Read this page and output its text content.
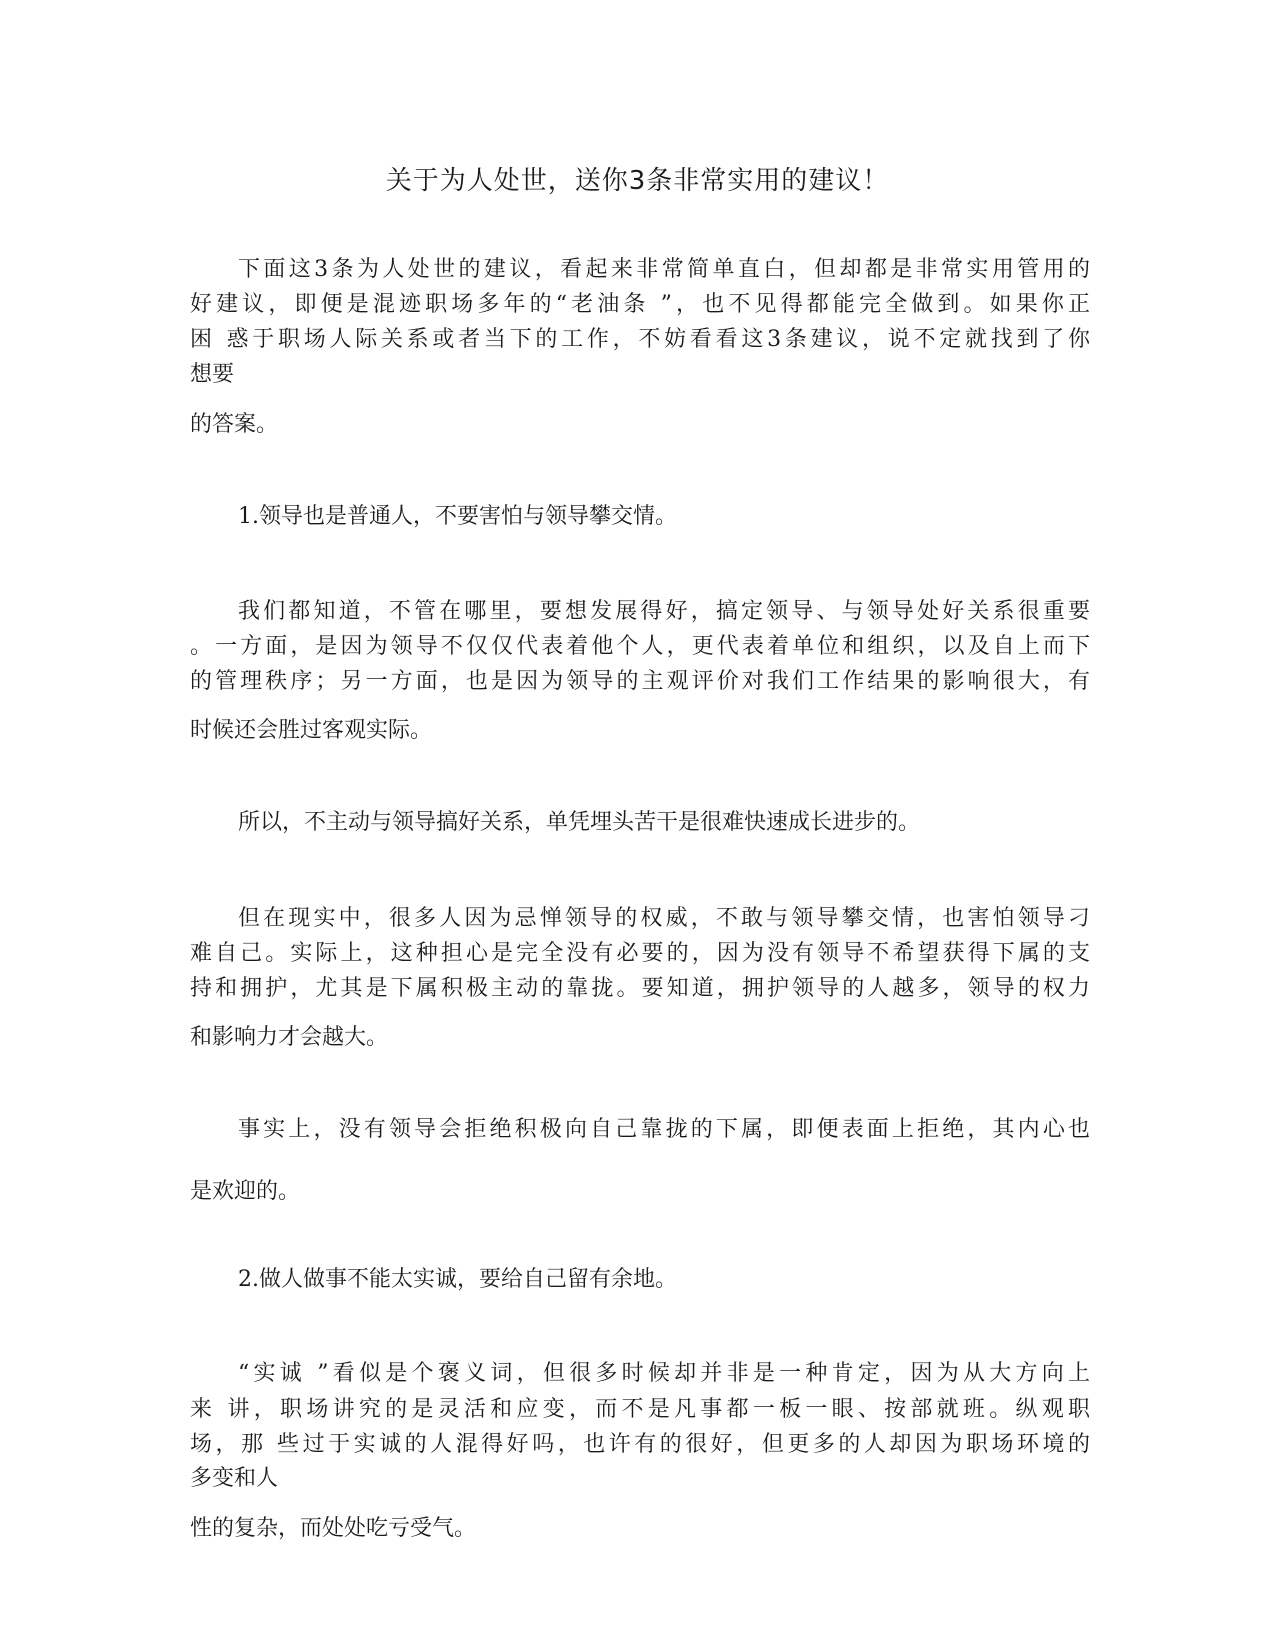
关于为人处世，送你3条非常实用的建议！

下面这3条为人处世的建议，看起来非常简单直白，但却都是非常实用管用的

好建议，即便是混迹职场多年的“老油条 ”，也不见得都能完全做到。如果你正

困 惑于职场人际关系或者当下的工作，不妨看看这3条建议，说不定就找到了你

想要

的答案。

1.领导也是普通人，不要害怕与领导攀交情。

我们都知道，不管在哪里，要想发展得好，搞定领导、与领导处好关系很重要

。一方面，是因为领导不仅仅代表着他个人，更代表着单位和组织，以及自上而下

的管理秩序；另一方面，也是因为领导的主观评价对我们工作结果的影响很大，有

时候还会胜过客观实际。

所以，不主动与领导搞好关系，单凭埋头苦干是很难快速成长进步的。

但在现实中，很多人因为忌惮领导的权威，不敢与领导攀交情，也害怕领导刁

难自己。实际上，这种担心是完全没有必要的，因为没有领导不希望获得下属的支

持和拥护，尤其是下属积极主动的靠拢。要知道，拥护领导的人越多，领导的权力

和影响力才会越大。

事实上，没有领导会拒绝积极向自己靠拢的下属，即便表面上拒绝，其内心也

是欢迎的。

2.做人做事不能太实诚，要给自己留有余地。

“实诚 ”看似是个褒义词，但很多时候却并非是一种肯定，因为从大方向上

来 讲，职场讲究的是灵活和应变，而不是凡事都一板一眼、按部就班。纵观职

场，那 些过于实诚的人混得好吗，也许有的很好，但更多的人却因为职场环境的

多变和人

性的复杂，而处处吃亏受气。
